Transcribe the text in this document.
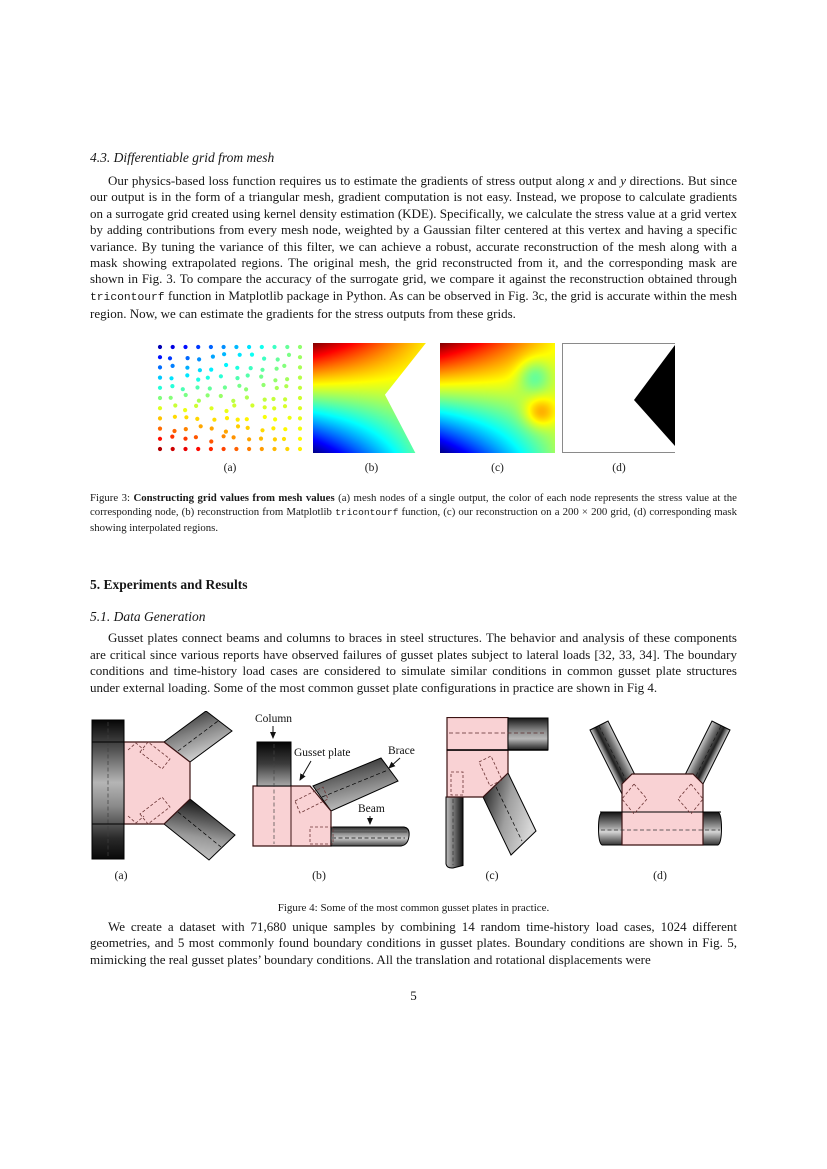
4.3. Differentiable grid from mesh

Our physics-based loss function requires us to estimate the gradients of stress output along x and y directions. But since our output is in the form of a triangular mesh, gradient computation is not easy. Instead, we propose to calculate gradients on a surrogate grid created using kernel density estimation (KDE). Specifically, we calculate the stress value at a grid vertex by adding contributions from every mesh node, weighted by a Gaussian filter centered at this vertex and having a specific variance. By tuning the variance of this filter, we can achieve a robust, accurate reconstruction of the mesh along with a mask showing extrapolated regions. The original mesh, the grid reconstructed from it, and the corresponding mask are shown in Fig. 3. To compare the accuracy of the surrogate grid, we compare it against the reconstruction obtained through tricontourf function in Matplotlib package in Python. As can be observed in Fig. 3c, the grid is accurate within the mesh region. Now, we can estimate the gradients for the stress outputs from these grids.

(a)	(b)	(c)	(d)
Figure 3: Constructing grid values from mesh values (a) mesh nodes of a single output, the color of each node represents the stress value at the corresponding node, (b) reconstruction from Matplotlib tricontourf function, (c) our reconstruction on a 200 × 200 grid, (d) corresponding mask showing interpolated regions.
5. Experiments and Results
5.1. Data Generation

Gusset plates connect beams and columns to braces in steel structures. The behavior and analysis of these components are critical since various reports have observed failures of gusset plates subject to lateral loads [32, 33, 34]. The boundary conditions and time-history load cases are considered to simulate similar conditions in common gusset plate structures under external loading. Some of the most common gusset plate configurations in practice are shown in Fig 4.

Column
Gusset plate	Brace
Beam
(a)	(b)	(c)	(d)
Figure 4: Some of the most common gusset plates in practice.

We create a dataset with 71,680 unique samples by combining 14 random time-history load cases, 1024 different geometries, and 5 most commonly found boundary conditions in gusset plates. Boundary conditions are shown in Fig. 5, mimicking the real gusset plates’ boundary conditions. All the translation and rotational displacements were

5
